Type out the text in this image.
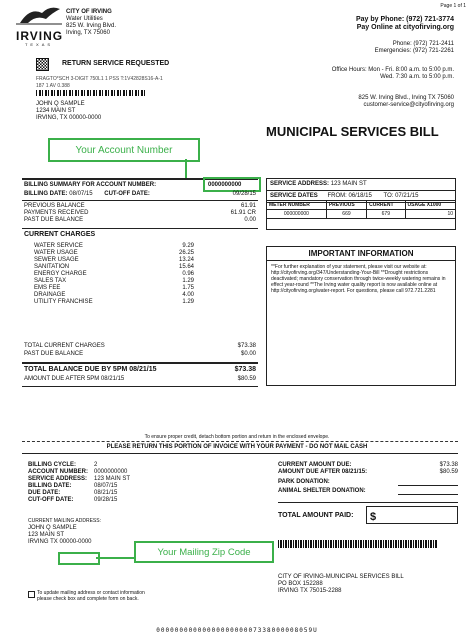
Page 1 of 1
IRVING
TEXAS
CITY OF IRVING
Water Utilities
825 W. Irving Blvd.
Irving, TX 75060
RETURN SERVICE REQUESTED
FRAGTO*SCH 3-DIGIT 750L1 1 PSS T:1V42828S16-A-1
187 1 AV 0.388
JOHN Q SAMPLE
1234 MAIN ST
IRVING, TX 00000-0000
Pay by Phone: (972) 721-3774
Pay Online at cityofirving.org
Phone: (972) 721-2411
Emergencies: (972) 721-2261
Office Hours: Mon - Fri. 8:00 a.m. to 5:00 p.m.
Wed. 7:30 a.m. to 5:00 p.m.
825 W. Irving Blvd., Irving TX 75060
customer-service@cityofirving.org
MUNICIPAL SERVICES BILL
Your Account Number
BILLING SUMMARY FOR ACCOUNT NUMBER:	0000000000
BILLING DATE: 08/07/15 CUT-OFF DATE:	09/28/15
PREVIOUS BALANCE	61.91
PAYMENTS RECEIVED	61.91 CR
PAST DUE BALANCE	0.00
CURRENT CHARGES
WATER SERVICE	9.29
WATER USAGE	26.25
SEWER USAGE	13.24
SANITATION	15.64
ENERGY CHARGE	0.96
SALES TAX	1.29
EMS FEE	1.75
DRAINAGE	4.00
UTILITY FRANCHISE	1.29
TOTAL CURRENT CHARGES	$73.38
PAST DUE BALANCE	$0.00
TOTAL BALANCE DUE BY 5PM 08/21/15	$73.38
AMOUNT DUE AFTER 5PM 08/21/15	$80.59
SERVICE ADDRESS: 123 MAIN ST
SERVICE DATES FROM: 06/18/15 TO: 07/21/15
METER NUMBER	PREVIOUS	CURRENT	USAGE X1000
000000000	669	679	10
IMPORTANT INFORMATION
**For further explanation of your statement, please visit our website at: http://cityofirving.org/347/Understanding-Your-Bill **Drought restrictions deactivated; mandatory conservation through twice-weekly watering remains in effect year-round **The Irving water quality report is now available online at http://cityofirving.org/water-report. For questions, please call 972.721.2281
To ensure proper credit, detach bottom portion and return in the enclosed envelope.
PLEASE RETURN THIS PORTION OF INVOICE WITH YOUR PAYMENT - DO NOT MAIL CASH
BILLING CYCLE:	2
ACCOUNT NUMBER: 0000000000
SERVICE ADDRESS: 123 MAIN ST
BILLING DATE:	08/07/15
DUE DATE:	08/21/15
CUT-OFF DATE:	09/28/15
CURRENT MAILING ADDRESS:
JOHN Q SAMPLE
123 MAIN ST
IRVING TX 00000-0000
Your Mailing Zip Code
CURRENT AMOUNT DUE:	$73.38
AMOUNT DUE AFTER 08/21/15:	$80.59
PARK DONATION:
ANIMAL SHELTER DONATION:
TOTAL AMOUNT PAID:	$
CITY OF IRVING-MUNICIPAL SERVICES BILL
PO BOX 152288
IRVING TX 75015-2288
To update mailing address or contact information please check box and complete form on back.
0000000000000000000007338000008059U
